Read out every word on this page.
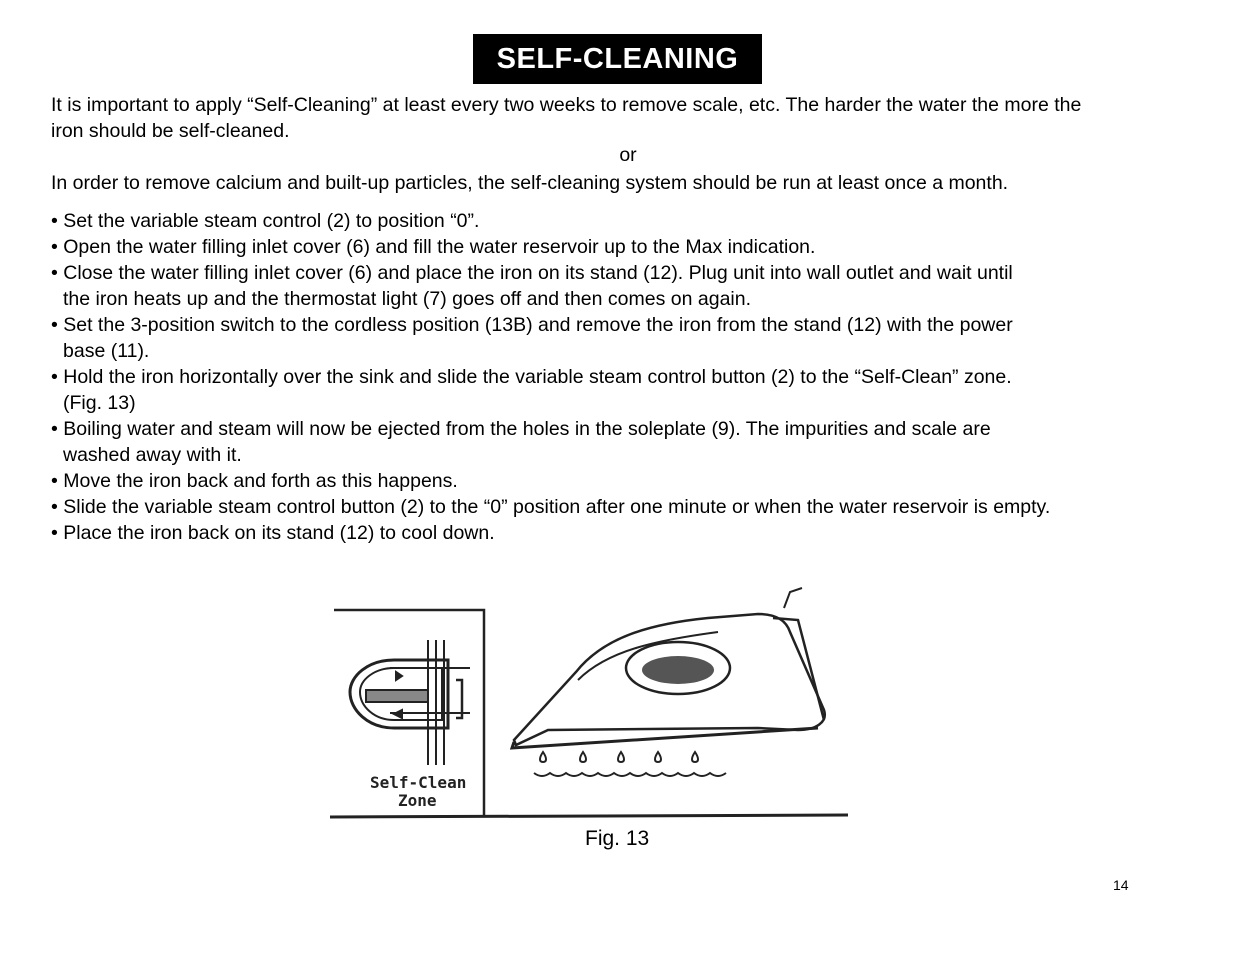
SELF-CLEANING
It is important to apply “Self-Cleaning” at least every two weeks to remove scale, etc. The harder the water the more the
iron should be self-cleaned.
or
In order to remove calcium and built-up particles, the self-cleaning system should be run at least once a month.
• Set the variable steam control (2) to position “0”.
• Open the water filling inlet cover (6) and fill the water reservoir up to the Max indication.
• Close the water filling inlet cover (6) and place the iron on its stand (12). Plug unit into wall outlet and wait until
the iron heats up and the thermostat light (7) goes off and then comes on again.
• Set the 3-position switch to the cordless position (13B) and remove the iron from the stand (12) with the power
base (11).
• Hold the iron horizontally over the sink and slide the variable steam control button (2) to the “Self-Clean” zone.
(Fig. 13)
• Boiling water and steam will now be ejected from the holes in the soleplate (9). The impurities and scale are
washed away with it.
• Move the iron back and forth as this happens.
• Slide the variable steam control button (2) to the “0” position after one minute or when the water reservoir is empty.
• Place the iron back on its stand (12) to cool down.
Self-Clean
Zone
Fig. 13
14
